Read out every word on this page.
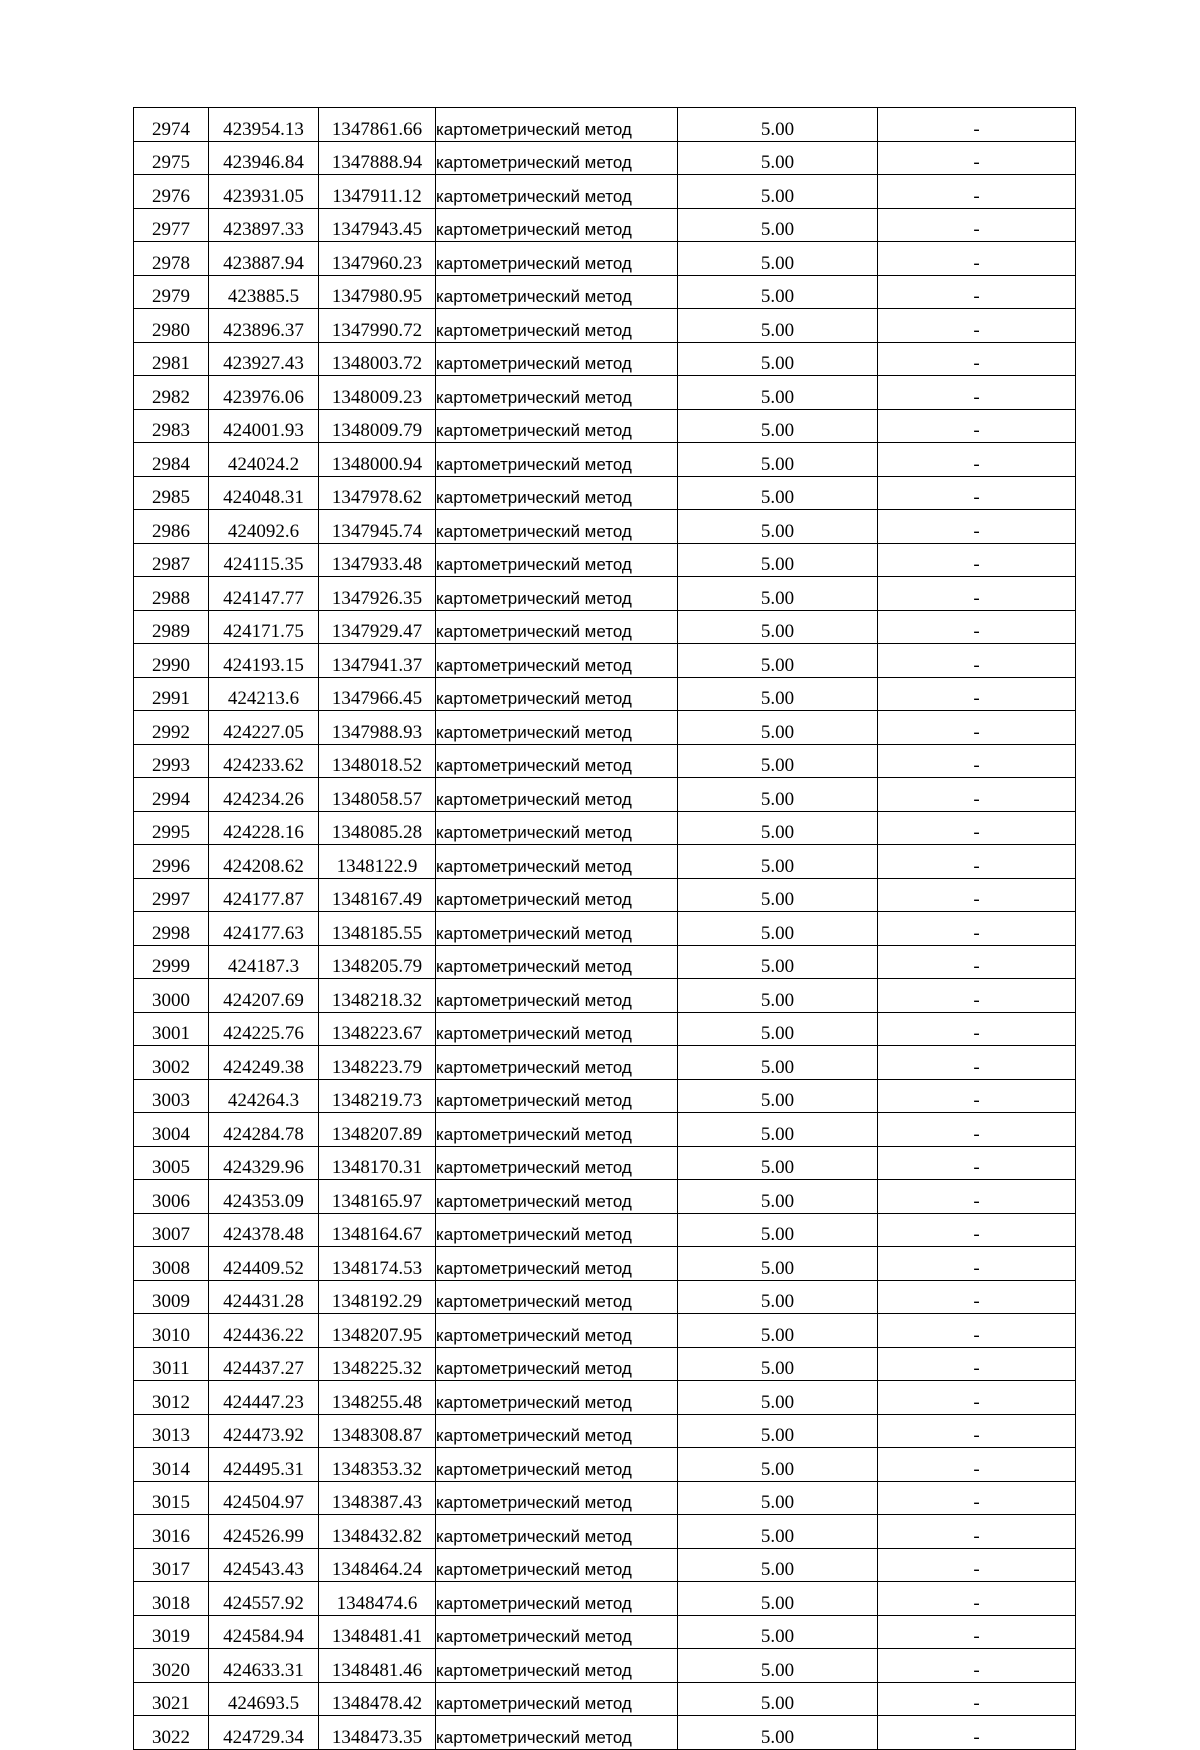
2974	423954.13	1347861.66	картометрический метод	5.00	-
2975	423946.84	1347888.94	картометрический метод	5.00	-
2976	423931.05	1347911.12	картометрический метод	5.00	-
2977	423897.33	1347943.45	картометрический метод	5.00	-
2978	423887.94	1347960.23	картометрический метод	5.00	-
2979	423885.5	1347980.95	картометрический метод	5.00	-
2980	423896.37	1347990.72	картометрический метод	5.00	-
2981	423927.43	1348003.72	картометрический метод	5.00	-
2982	423976.06	1348009.23	картометрический метод	5.00	-
2983	424001.93	1348009.79	картометрический метод	5.00	-
2984	424024.2	1348000.94	картометрический метод	5.00	-
2985	424048.31	1347978.62	картометрический метод	5.00	-
2986	424092.6	1347945.74	картометрический метод	5.00	-
2987	424115.35	1347933.48	картометрический метод	5.00	-
2988	424147.77	1347926.35	картометрический метод	5.00	-
2989	424171.75	1347929.47	картометрический метод	5.00	-
2990	424193.15	1347941.37	картометрический метод	5.00	-
2991	424213.6	1347966.45	картометрический метод	5.00	-
2992	424227.05	1347988.93	картометрический метод	5.00	-
2993	424233.62	1348018.52	картометрический метод	5.00	-
2994	424234.26	1348058.57	картометрический метод	5.00	-
2995	424228.16	1348085.28	картометрический метод	5.00	-
2996	424208.62	1348122.9	картометрический метод	5.00	-
2997	424177.87	1348167.49	картометрический метод	5.00	-
2998	424177.63	1348185.55	картометрический метод	5.00	-
2999	424187.3	1348205.79	картометрический метод	5.00	-
3000	424207.69	1348218.32	картометрический метод	5.00	-
3001	424225.76	1348223.67	картометрический метод	5.00	-
3002	424249.38	1348223.79	картометрический метод	5.00	-
3003	424264.3	1348219.73	картометрический метод	5.00	-
3004	424284.78	1348207.89	картометрический метод	5.00	-
3005	424329.96	1348170.31	картометрический метод	5.00	-
3006	424353.09	1348165.97	картометрический метод	5.00	-
3007	424378.48	1348164.67	картометрический метод	5.00	-
3008	424409.52	1348174.53	картометрический метод	5.00	-
3009	424431.28	1348192.29	картометрический метод	5.00	-
3010	424436.22	1348207.95	картометрический метод	5.00	-
3011	424437.27	1348225.32	картометрический метод	5.00	-
3012	424447.23	1348255.48	картометрический метод	5.00	-
3013	424473.92	1348308.87	картометрический метод	5.00	-
3014	424495.31	1348353.32	картометрический метод	5.00	-
3015	424504.97	1348387.43	картометрический метод	5.00	-
3016	424526.99	1348432.82	картометрический метод	5.00	-
3017	424543.43	1348464.24	картометрический метод	5.00	-
3018	424557.92	1348474.6	картометрический метод	5.00	-
3019	424584.94	1348481.41	картометрический метод	5.00	-
3020	424633.31	1348481.46	картометрический метод	5.00	-
3021	424693.5	1348478.42	картометрический метод	5.00	-
3022	424729.34	1348473.35	картометрический метод	5.00	-
